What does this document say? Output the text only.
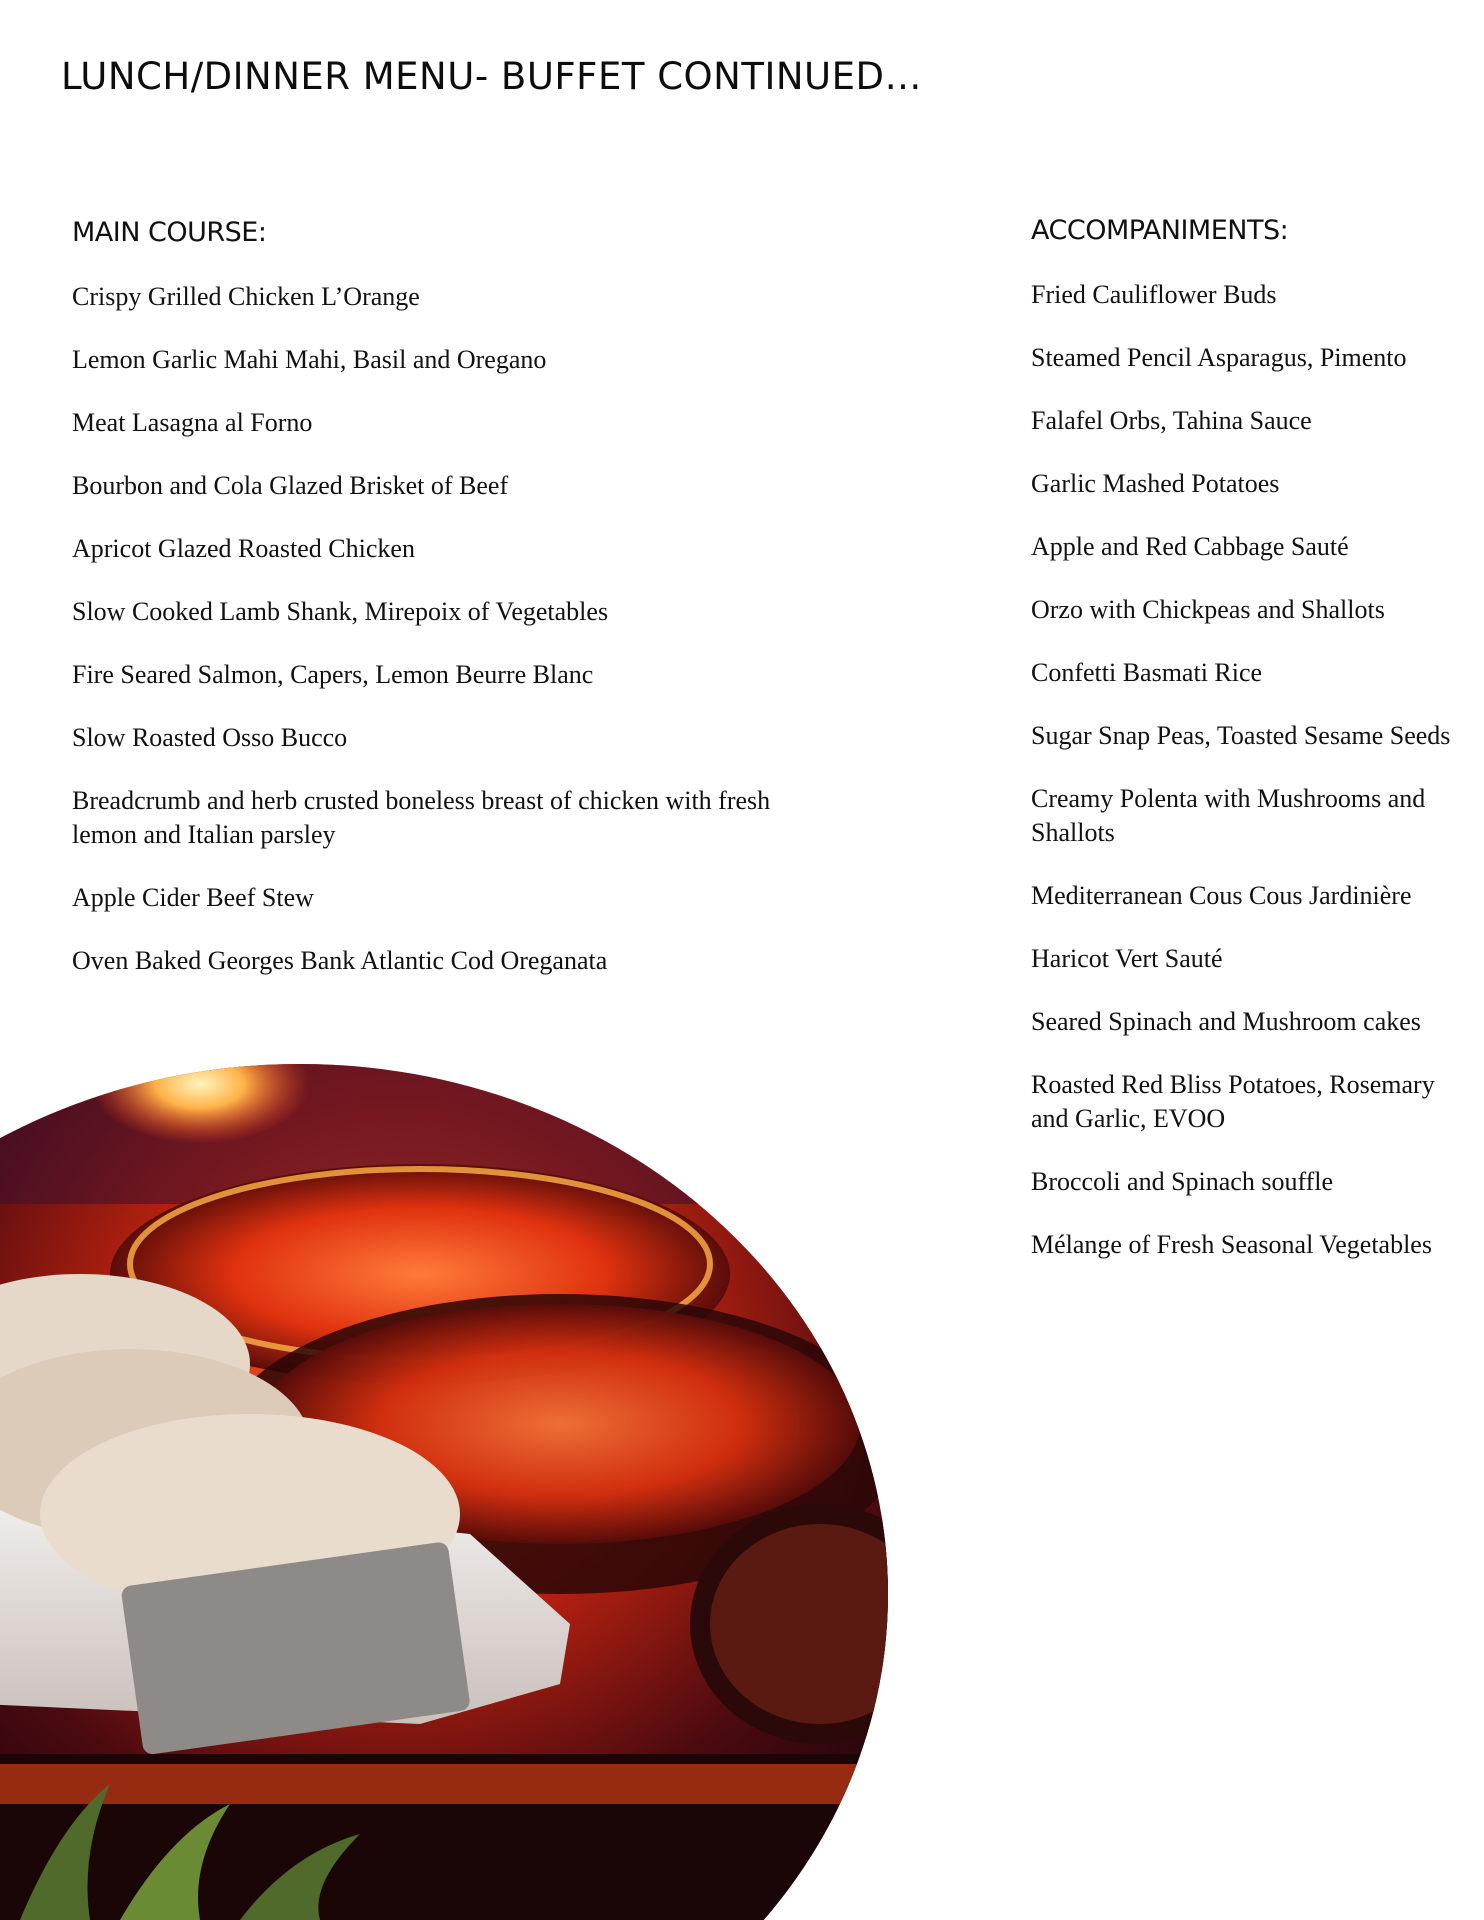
LUNCH/DINNER MENU- BUFFET CONTINUED…
MAIN COURSE:
Crispy Grilled Chicken L’Orange
Lemon Garlic Mahi Mahi, Basil and Oregano
Meat Lasagna al Forno
Bourbon and Cola Glazed Brisket of Beef
Apricot Glazed Roasted Chicken
Slow Cooked Lamb Shank, Mirepoix of Vegetables
Fire Seared Salmon, Capers, Lemon Beurre Blanc
Slow Roasted Osso Bucco
Breadcrumb and herb crusted boneless breast of chicken with fresh lemon and Italian parsley
Apple Cider Beef Stew
Oven Baked Georges Bank Atlantic Cod Oreganata
ACCOMPANIMENTS:
Fried Cauliflower Buds
Steamed Pencil Asparagus, Pimento
Falafel Orbs, Tahina Sauce
Garlic Mashed Potatoes
Apple and Red Cabbage Sauté
Orzo with Chickpeas and Shallots
Confetti Basmati Rice
Sugar Snap Peas, Toasted Sesame Seeds
Creamy Polenta with Mushrooms and Shallots
Mediterranean Cous Cous Jardinière
Haricot Vert Sauté
Seared Spinach and Mushroom cakes
Roasted Red Bliss Potatoes, Rosemary and Garlic, EVOO
Broccoli and Spinach souffle
Mélange of Fresh Seasonal Vegetables
